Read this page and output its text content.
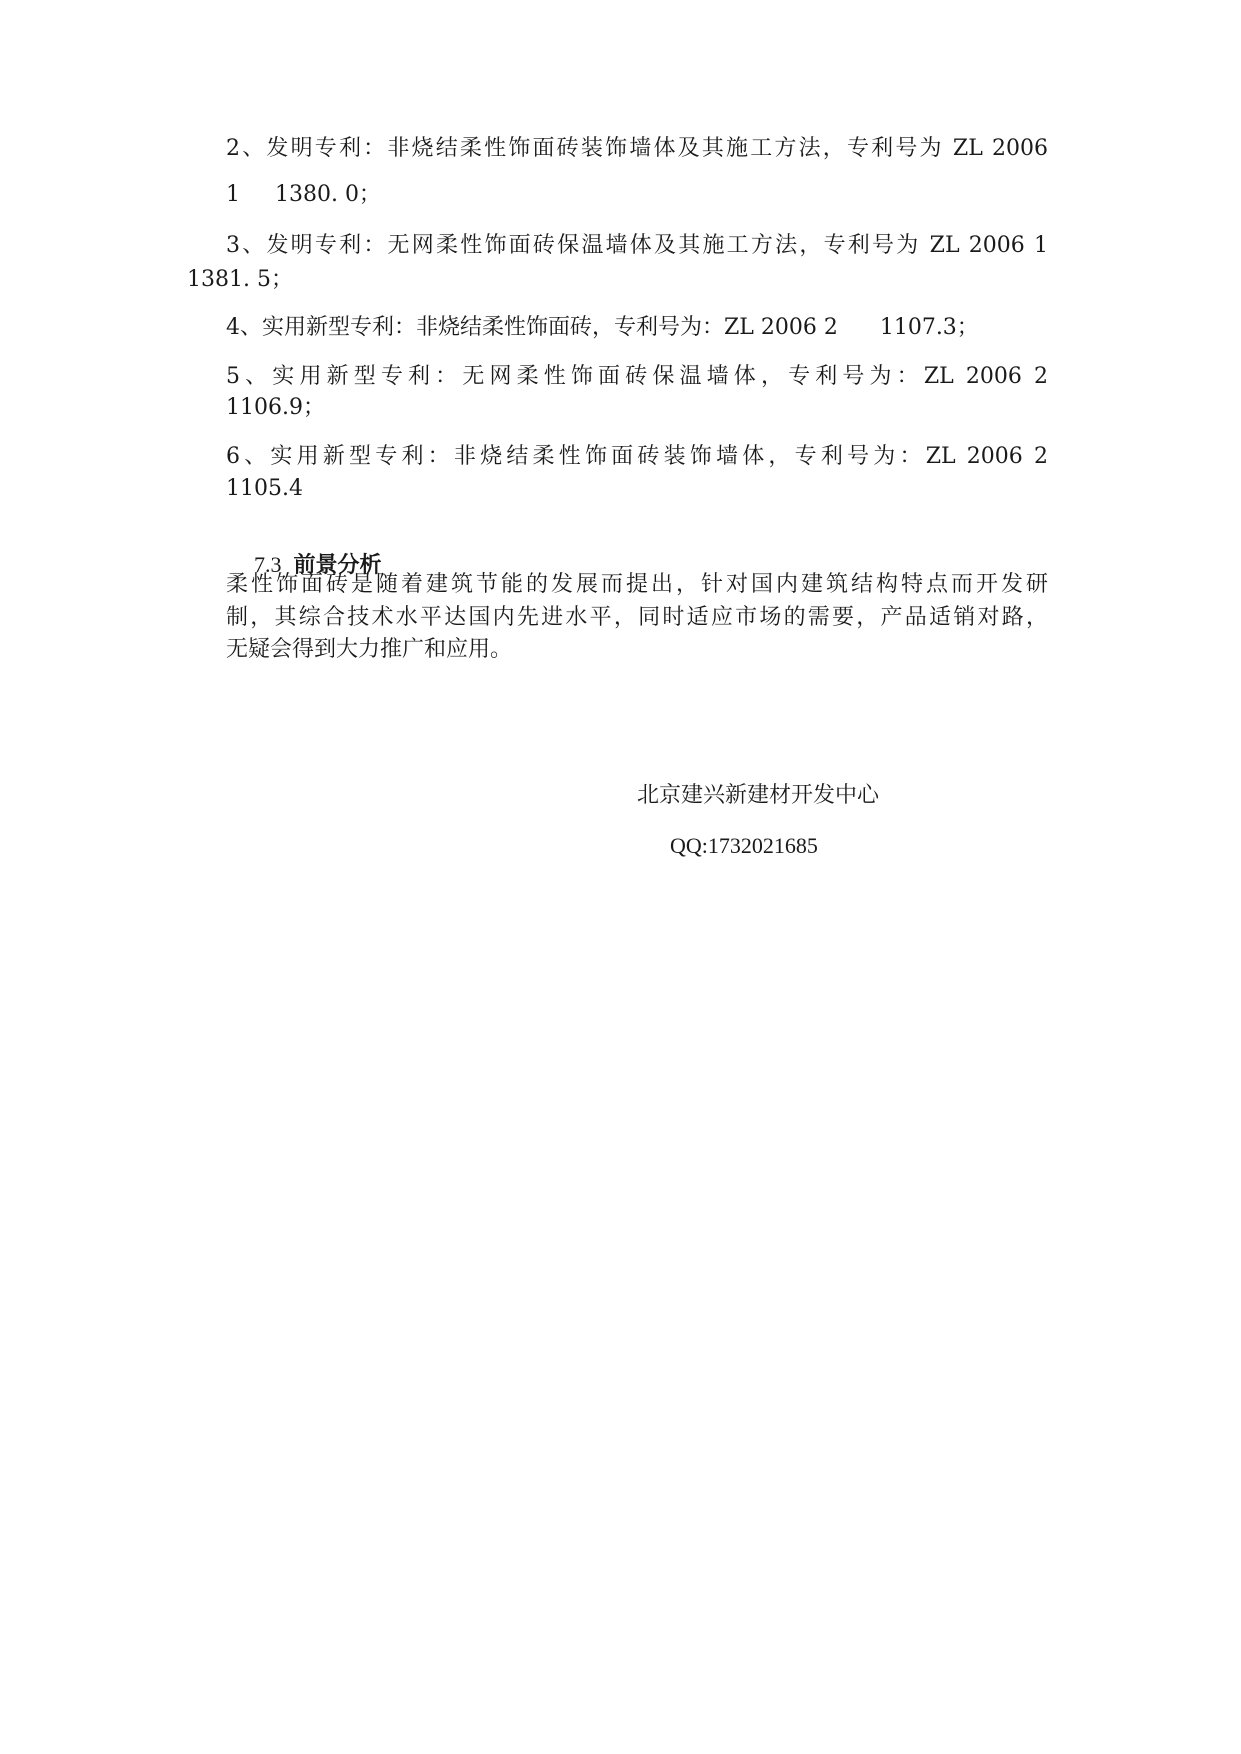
2、发明专利：非烧结柔性饰面砖装饰墙体及其施工方法，专利号为 ZL 2006
1     1380. 0；
3、发明专利：无网柔性饰面砖保温墙体及其施工方法，专利号为 ZL 2006 1
1381. 5；
4、实用新型专利：非烧结柔性饰面砖，专利号为：ZL 2006 2      1107.3；
5、实用新型专利：无网柔性饰面砖保温墙体，专利号为：ZL 2006 2
1106.9；
6、实用新型专利：非烧结柔性饰面砖装饰墙体，专利号为：ZL 2006 2
1105.4

7.3 前景分析

柔性饰面砖是随着建筑节能的发展而提出，针对国内建筑结构特点而开发研
制，其综合技术水平达国内先进水平，同时适应市场的需要，产品适销对路，
无疑会得到大力推广和应用。
北京建兴新建材开发中心
QQ:1732021685
